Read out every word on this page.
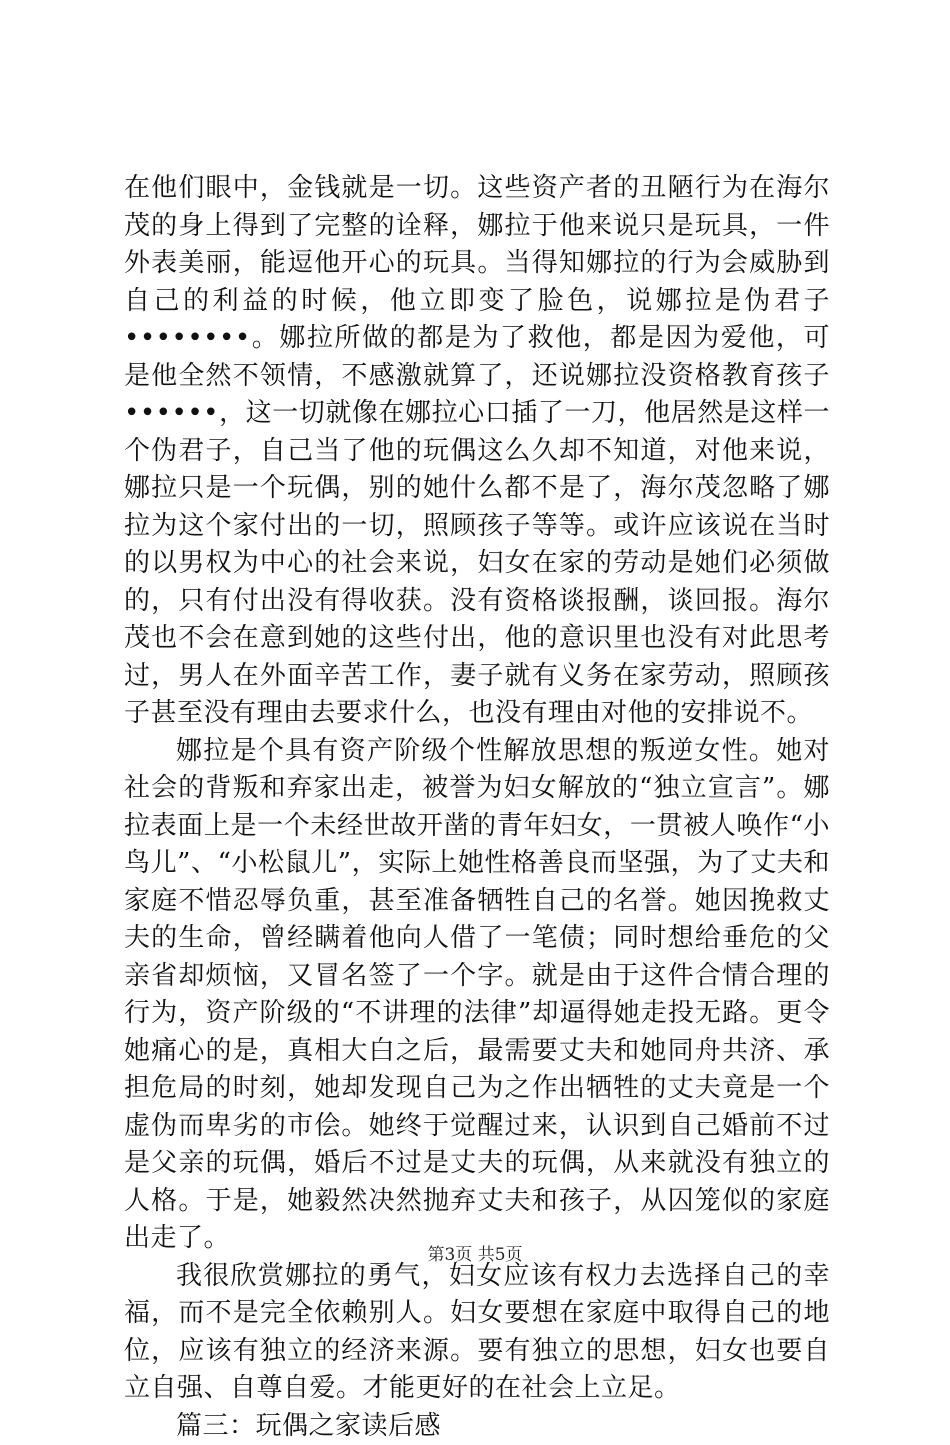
在他们眼中，金钱就是一切。这些资产者的丑陋行为在海尔茂的身上得到了完整的诠释，娜拉于他来说只是玩具，一件外表美丽，能逗他开心的玩具。当得知娜拉的行为会威胁到自己的利益的时候，他立即变了脸色，说娜拉是伪君子••••••••。娜拉所做的都是为了救他，都是因为爱他，可是他全然不领情，不感激就算了，还说娜拉没资格教育孩子••••••，这一切就像在娜拉心口插了一刀，他居然是这样一个伪君子，自己当了他的玩偶这么久却不知道，对他来说，娜拉只是一个玩偶，别的她什么都不是了，海尔茂忽略了娜拉为这个家付出的一切，照顾孩子等等。或许应该说在当时的以男权为中心的社会来说，妇女在家的劳动是她们必须做的，只有付出没有得收获。没有资格谈报酬，谈回报。海尔茂也不会在意到她的这些付出，他的意识里也没有对此思考过，男人在外面辛苦工作，妻子就有义务在家劳动，照顾孩子甚至没有理由去要求什么，也没有理由对他的安排说不。

娜拉是个具有资产阶级个性解放思想的叛逆女性。她对社会的背叛和弃家出走，被誉为妇女解放的“独立宣言”。娜拉表面上是一个未经世故开凿的青年妇女，一贯被人唤作“小鸟儿”、“小松鼠儿”，实际上她性格善良而坚强，为了丈夫和家庭不惜忍辱负重，甚至准备牺牲自己的名誉。她因挽救丈夫的生命，曾经瞒着他向人借了一笔债；同时想给垂危的父亲省却烦恼，又冒名签了一个字。就是由于这件合情合理的行为，资产阶级的“不讲理的法律”却逼得她走投无路。更令她痛心的是，真相大白之后，最需要丈夫和她同舟共济、承担危局的时刻，她却发现自己为之作出牺牲的丈夫竟是一个虚伪而卑劣的市侩。她终于觉醒过来，认识到自己婚前不过是父亲的玩偶，婚后不过是丈夫的玩偶，从来就没有独立的人格。于是，她毅然决然抛弃丈夫和孩子，从囚笼似的家庭出走了。

我很欣赏娜拉的勇气，妇女应该有权力去选择自己的幸福，而不是完全依赖别人。妇女要想在家庭中取得自己的地位，应该有独立的经济来源。要有独立的思想，妇女也要自立自强、自尊自爱。才能更好的在社会上立足。

篇三：玩偶之家读后感

第3页 共5页
